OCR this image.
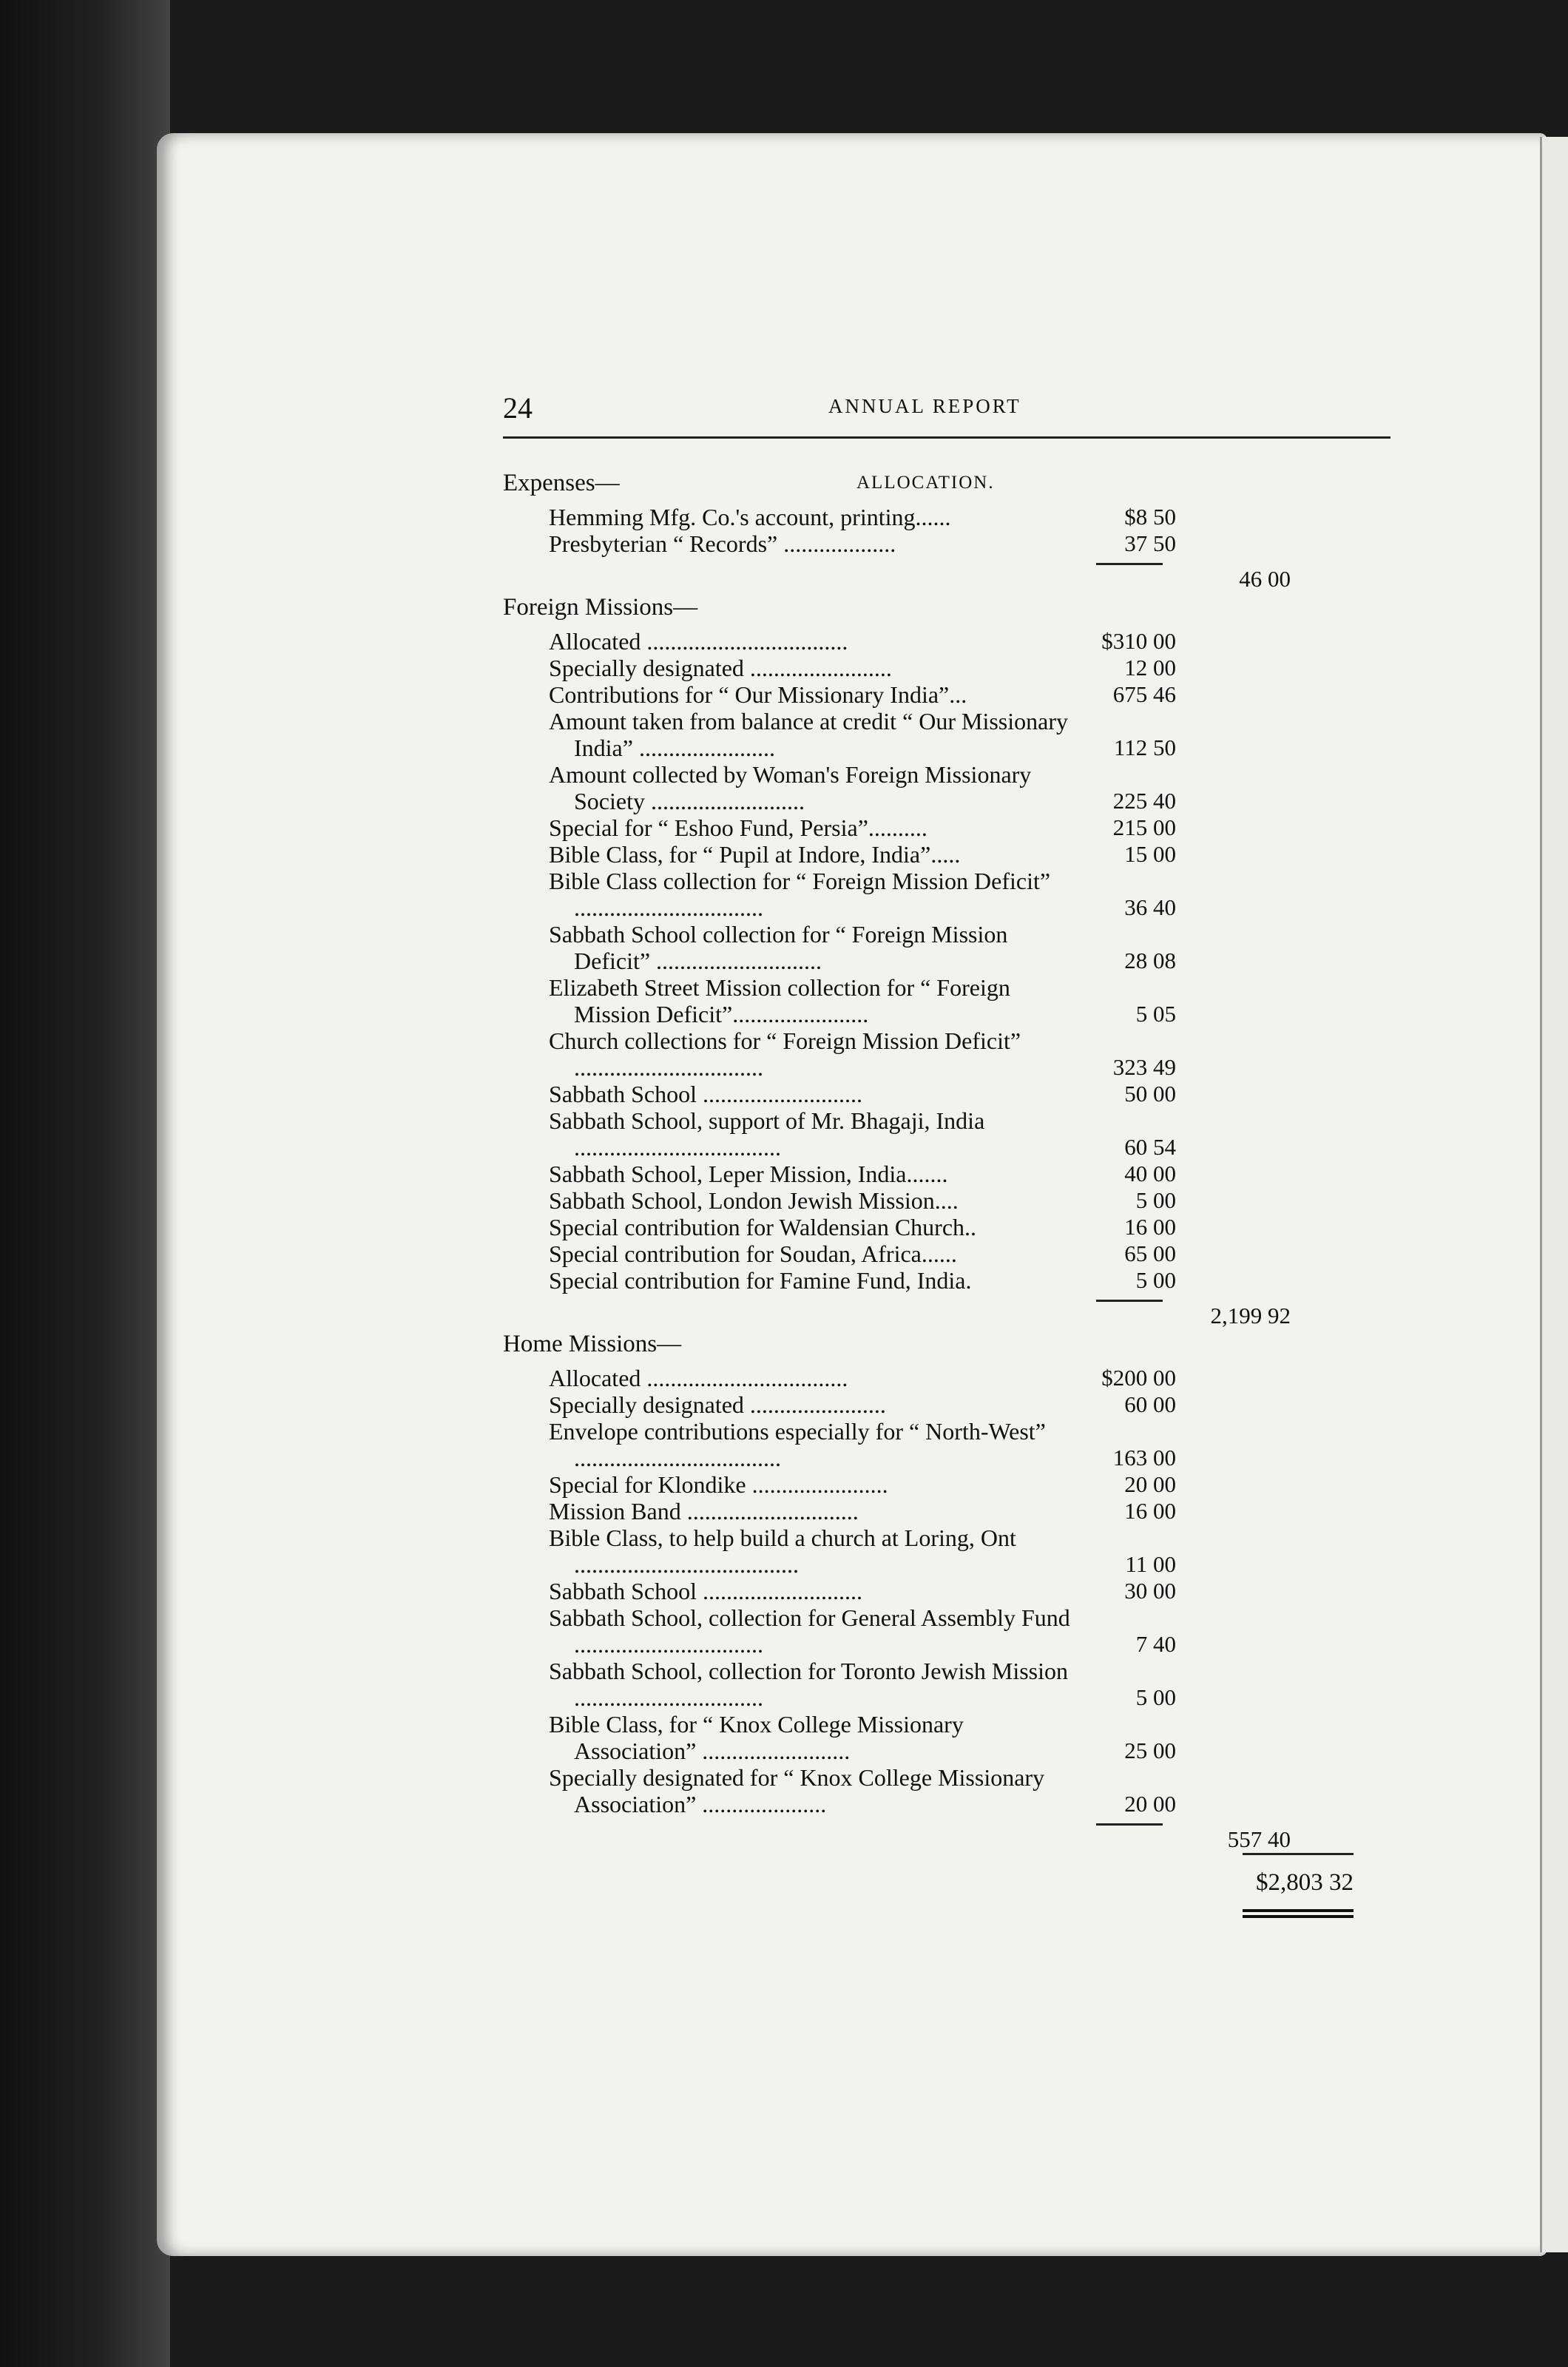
24	ANNUAL REPORT
Expenses—	ALLOCATION.
Hemming Mfg. Co.'s account, printing......	$8 50
Presbyterian “ Records” ...................	37 50
46 00
Foreign Missions—
Allocated ..................................	$310 00
Specially designated ........................	12 00
Contributions for “ Our Missionary India”...	675 46
Amount taken from balance at credit “ Our Missionary India” .......................	112 50
Amount collected by Woman's Foreign Missionary Society ..........................	225 40
Special for “ Eshoo Fund, Persia”..........	215 00
Bible Class, for “ Pupil at Indore, India”.....	15 00
Bible Class collection for “ Foreign Mission Deficit” ................................	36 40
Sabbath School collection for “ Foreign Mission Deficit” ............................	28 08
Elizabeth Street Mission collection for “ Foreign Mission Deficit”.......................	5 05
Church collections for “ Foreign Mission Deficit” ................................	323 49
Sabbath School ...........................	50 00
Sabbath School, support of Mr. Bhagaji, India ...................................	60 54
Sabbath School, Leper Mission, India.......	40 00
Sabbath School, London Jewish Mission....	5 00
Special contribution for Waldensian Church..	16 00
Special contribution for Soudan, Africa......	65 00
Special contribution for Famine Fund, India.	5 00
2,199 92
Home Missions—
Allocated ..................................	$200 00
Specially designated .......................	60 00
Envelope contributions especially for “ North-West” ...................................	163 00
Special for Klondike .......................	20 00
Mission Band .............................	16 00
Bible Class, to help build a church at Loring, Ont ......................................	11 00
Sabbath School ...........................	30 00
Sabbath School, collection for General Assembly Fund ................................	7 40
Sabbath School, collection for Toronto Jewish Mission ................................	5 00
Bible Class, for “ Knox College Missionary Association” .........................	25 00
Specially designated for “ Knox College Missionary Association” .....................	20 00
557 40
$2,803 32
